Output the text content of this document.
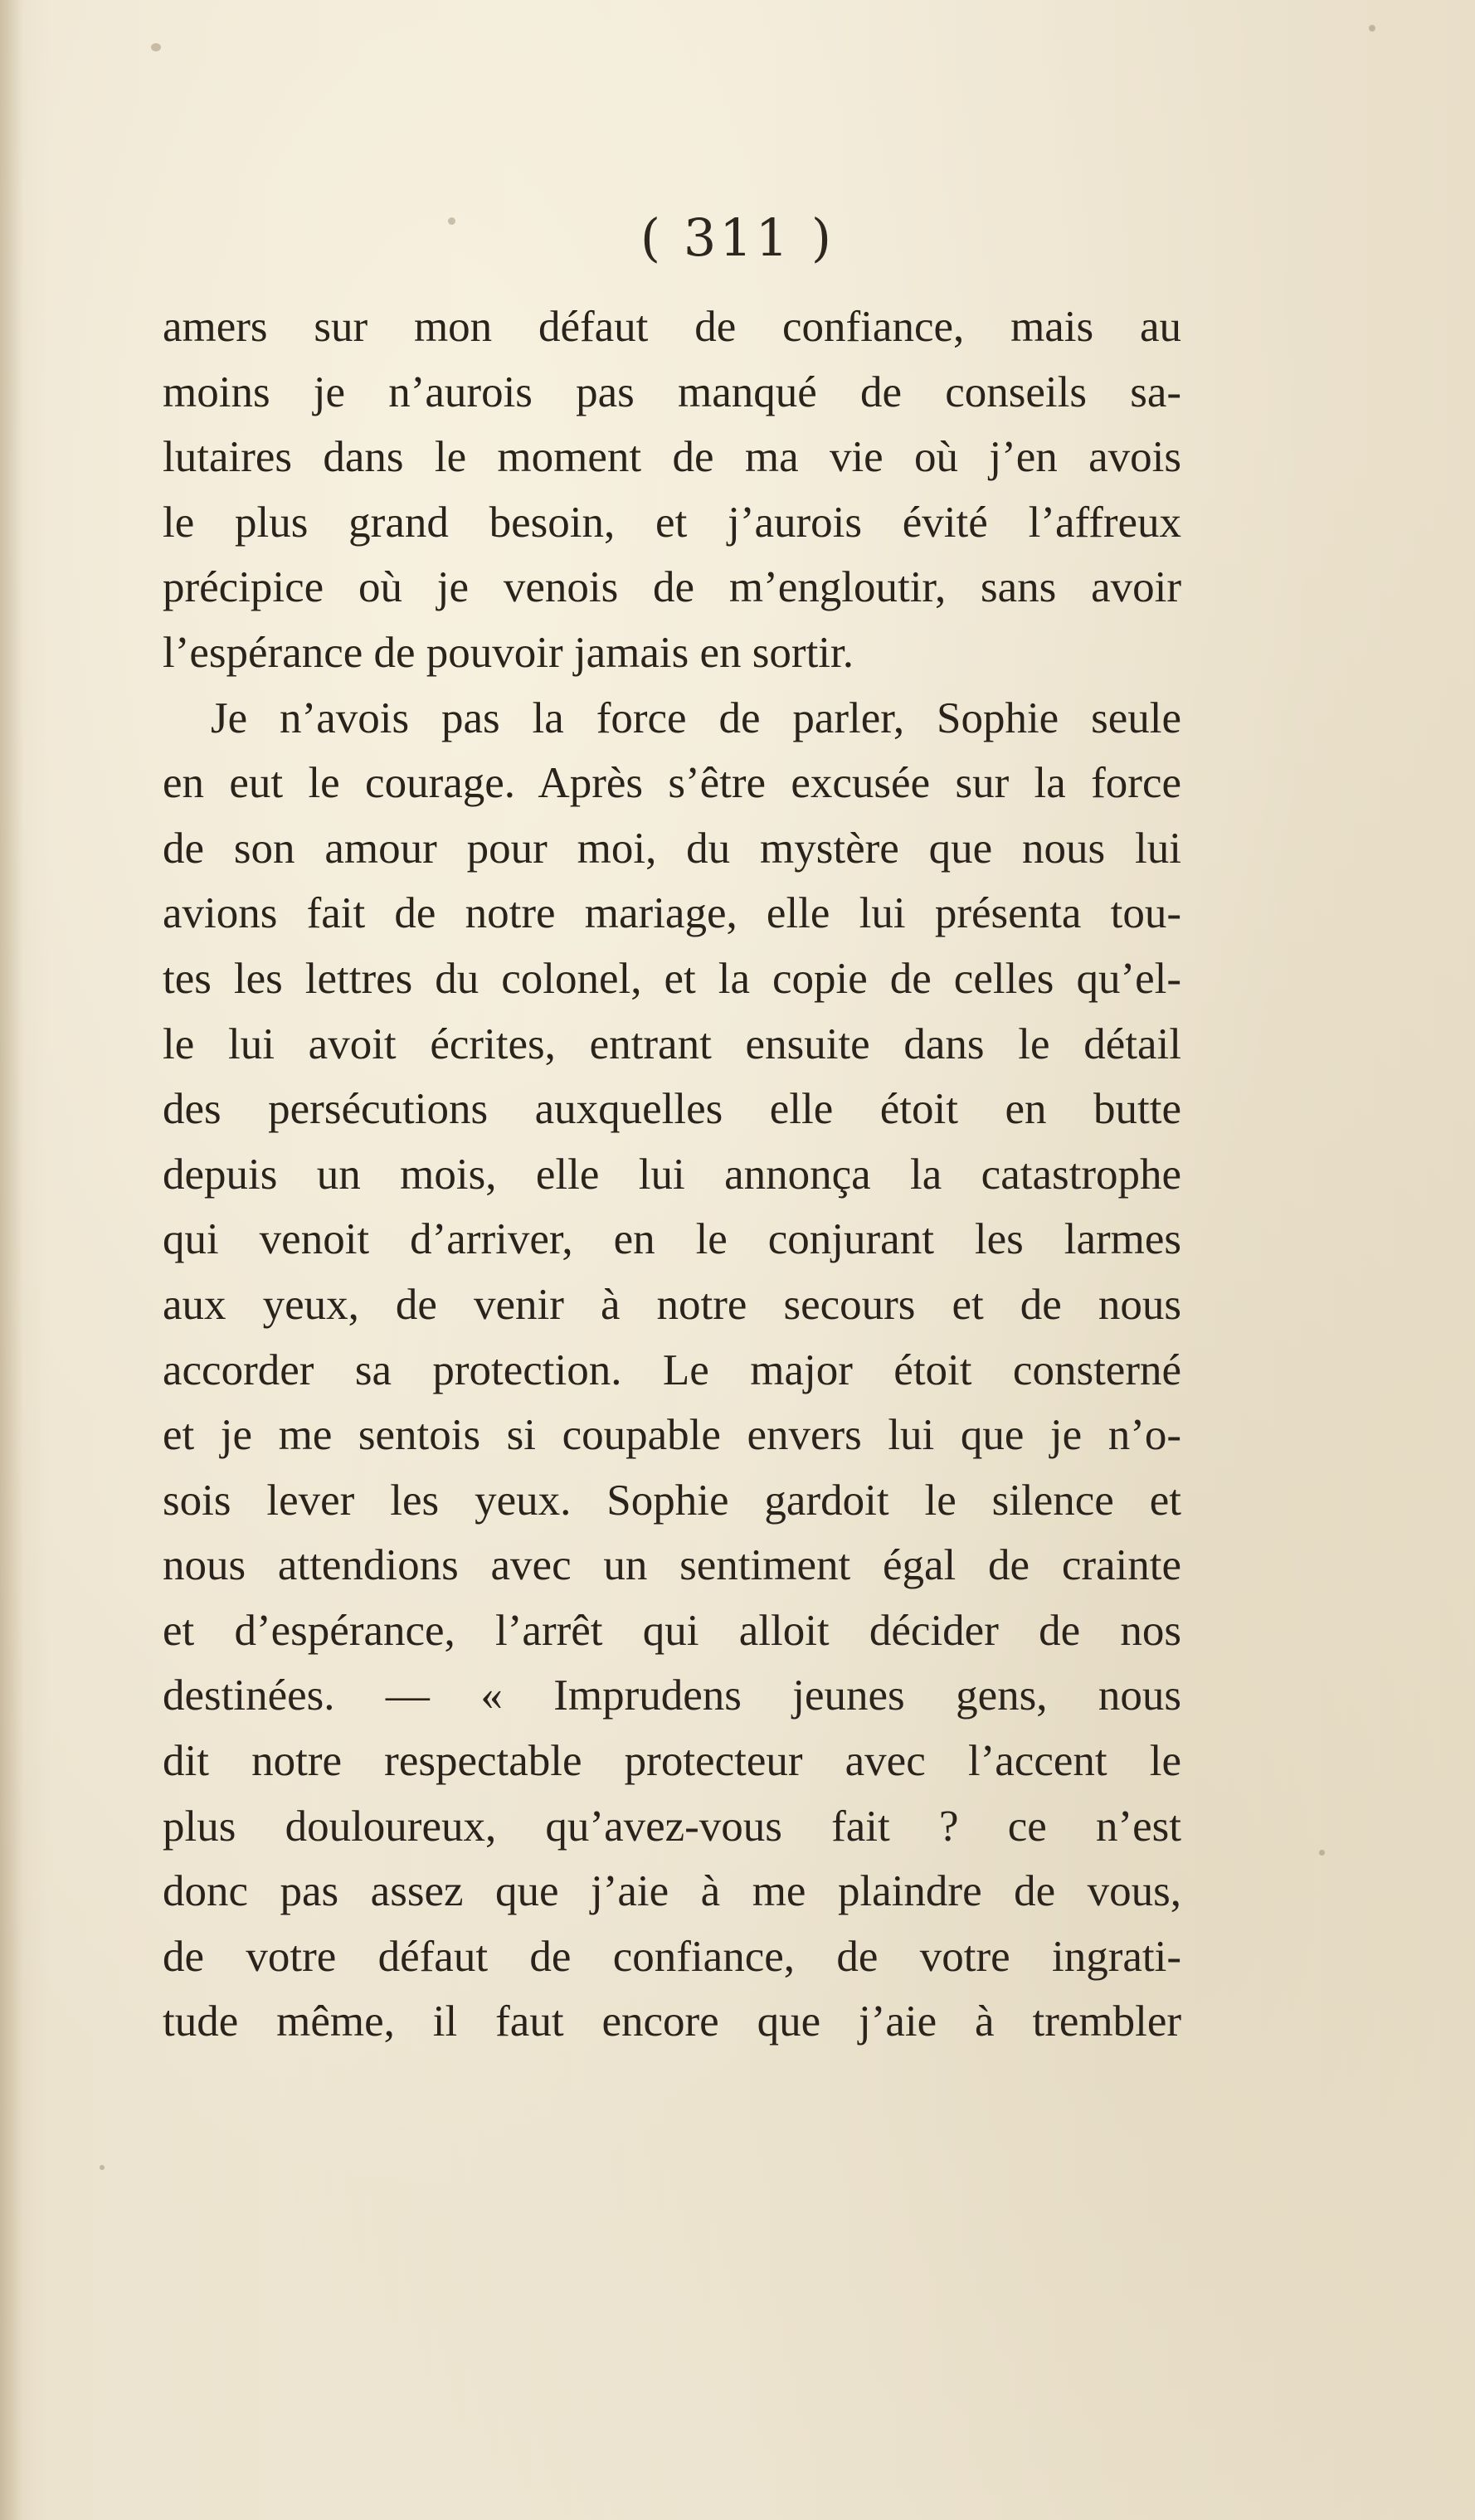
( 311 )
amers sur mon défaut de confiance, mais au
moins je n’aurois pas manqué de conseils sa-
lutaires dans le moment de ma vie où j’en avois
le plus grand besoin, et j’aurois évité l’affreux
précipice où je venois de m’engloutir, sans avoir
l’espérance de pouvoir jamais en sortir.
Je n’avois pas la force de parler, Sophie seule
en eut le courage. Après s’être excusée sur la force
de son amour pour moi, du mystère que nous lui
avions fait de notre mariage, elle lui présenta tou-
tes les lettres du colonel, et la copie de celles qu’el-
le lui avoit écrites, entrant ensuite dans le détail
des persécutions auxquelles elle étoit en butte
depuis un mois, elle lui annonça la catastrophe
qui venoit d’arriver, en le conjurant les larmes
aux yeux, de venir à notre secours et de nous
accorder sa protection. Le major étoit consterné
et je me sentois si coupable envers lui que je n’o-
sois lever les yeux. Sophie gardoit le silence et
nous attendions avec un sentiment égal de crainte
et d’espérance, l’arrêt qui alloit décider de nos
destinées. — « Imprudens jeunes gens, nous
dit notre respectable protecteur avec l’accent le
plus douloureux, qu’avez-vous fait ? ce n’est
donc pas assez que j’aie à me plaindre de vous,
de votre défaut de confiance, de votre ingrati-
tude même, il faut encore que j’aie à trembler
